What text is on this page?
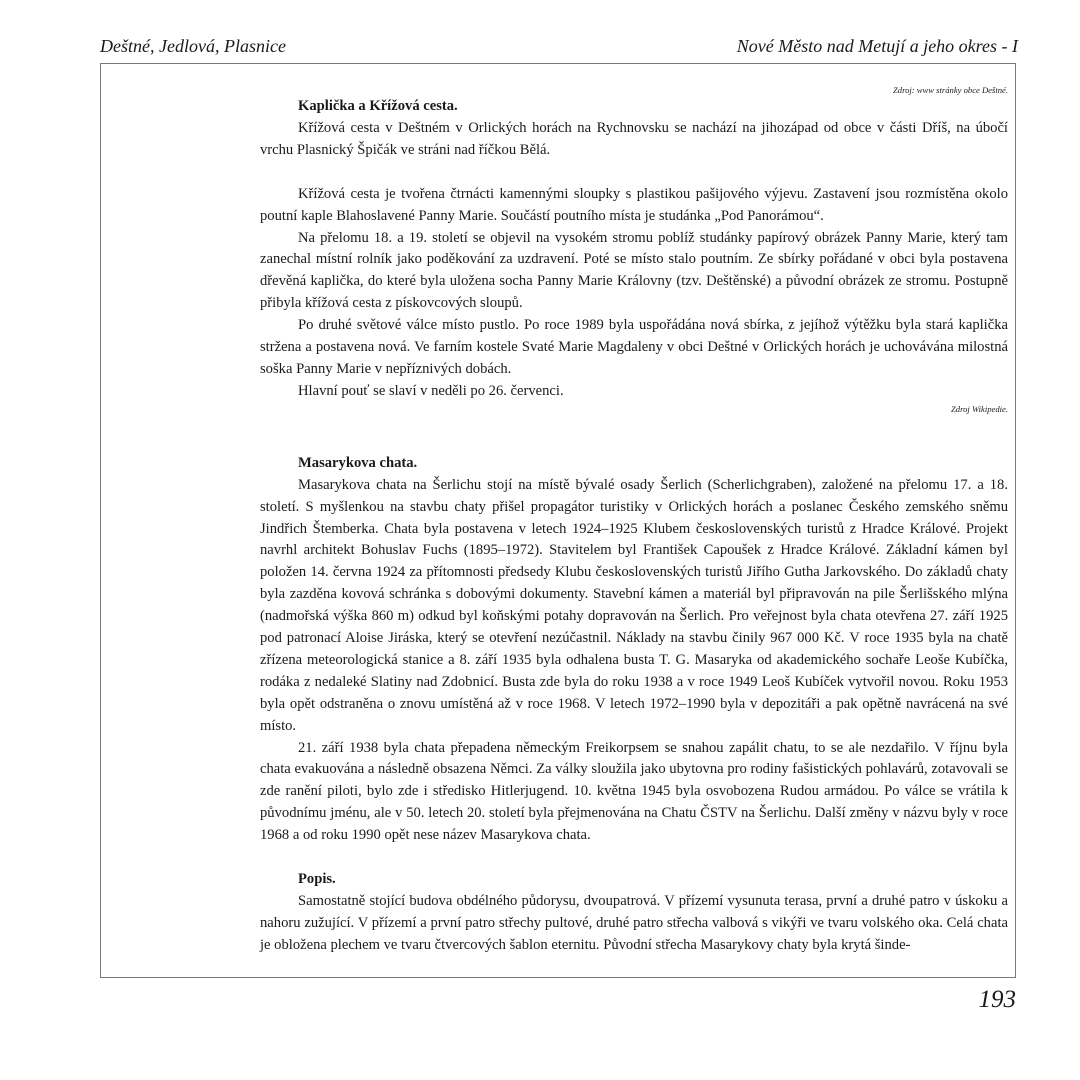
Deštné, Jedlová, Plasnice	Nové Město nad Metují a jeho okres - I

Zdroj: www stránky obce Deštné.

Kaplička a Křížová cesta.

Křížová cesta v Deštném v Orlických horách na Rychnovsku se nachází na jihozápad od obce v části Dříš, na úbočí vrchu Plasnický Špičák ve stráni nad říčkou Bělá.

Křížová cesta je tvořena čtrnácti kamennými sloupky s plastikou pašijového výjevu. Zastavení jsou rozmístěna okolo poutní kaple Blahoslavené Panny Marie. Součástí poutního místa je studánka „Pod Panorámou“.

Na přelomu 18. a 19. století se objevil na vysokém stromu poblíž studánky papírový obrázek Panny Marie, který tam zanechal místní rolník jako poděkování za uzdravení. Poté se místo stalo poutním. Ze sbírky pořádané v obci byla postavena dřevěná kaplička, do které byla uložena socha Panny Marie Královny (tzv. Deštěnské) a původní obrázek ze stromu. Postupně přibyla křížová cesta z pískovcových sloupů.

Po druhé světové válce místo pustlo. Po roce 1989 byla uspořádána nová sbírka, z jejíhož výtěžku byla stará kaplička stržena a postavena nová. Ve farním kostele Svaté Marie Magdaleny v obci Deštné v Orlických horách je uchovávána milostná soška Panny Marie v nepříznivých dobách.

Hlavní pouť se slaví v neděli po 26. červenci.

Zdroj Wikipedie.

Masarykova chata.

Masarykova chata na Šerlichu stojí na místě bývalé osady Šerlich (Scherlichgraben), založené na přelomu 17. a 18. století. S myšlenkou na stavbu chaty přišel propagátor turistiky v Orlických horách a poslanec Českého zemského sněmu Jindřich Štemberka. Chata byla postavena v letech 1924–1925 Klubem československých turistů z Hradce Králové. Projekt navrhl architekt Bohuslav Fuchs (1895–1972). Stavitelem byl František Capoušek z Hradce Králové. Základní kámen byl položen 14. června 1924 za přítomnosti předsedy Klubu československých turistů Jiřího Gutha Jarkovského. Do základů chaty byla zazděna kovová schránka s dobovými dokumenty. Stavební kámen a materiál byl připravován na pile Šerlišského mlýna (nadmořská výška 860 m) odkud byl koňskými potahy dopravován na Šerlich. Pro veřejnost byla chata otevřena 27. září 1925 pod patronací Aloise Jiráska, který se otevření nezúčastnil. Náklady na stavbu činily 967 000 Kč. V roce 1935 byla na chatě zřízena meteorologická stanice a 8. září 1935 byla odhalena busta T. G. Masaryka od akademického sochaře Leoše Kubíčka, rodáka z nedaleké Slatiny nad Zdobnicí. Busta zde byla do roku 1938 a v roce 1949 Leoš Kubíček vytvořil novou. Roku 1953 byla opět odstraněna o znovu umístěná až v roce 1968. V letech 1972–1990 byla v depozitáři a pak opětně navrácená na své místo.

21. září 1938 byla chata přepadena německým Freikorpsem se snahou zapálit chatu, to se ale nezdařilo. V říjnu byla chata evakuována a následně obsazena Němci. Za války sloužila jako ubytovna pro rodiny fašistických pohlavárů, zotavovali se zde ranění piloti, bylo zde i středisko Hitlerjugend. 10. května 1945 byla osvobozena Rudou armádou. Po válce se vrátila k původnímu jménu, ale v 50. letech 20. století byla přejmenována na Chatu ČSTV na Šerlichu. Další změny v názvu byly v roce 1968 a od roku 1990 opět nese název Masarykova chata.

Popis.

Samostatně stojící budova obdélného půdorysu, dvoupatrová. V přízemí vysunuta terasa, první a druhé patro v úskoku a nahoru zužující. V přízemí a první patro střechy pultové, druhé patro střecha valbová s vikýři ve tvaru volského oka. Celá chata je obložena plechem ve tvaru čtvercových šablon eternitu. Původní střecha Masarykovy chaty byla krytá šinde-

193
